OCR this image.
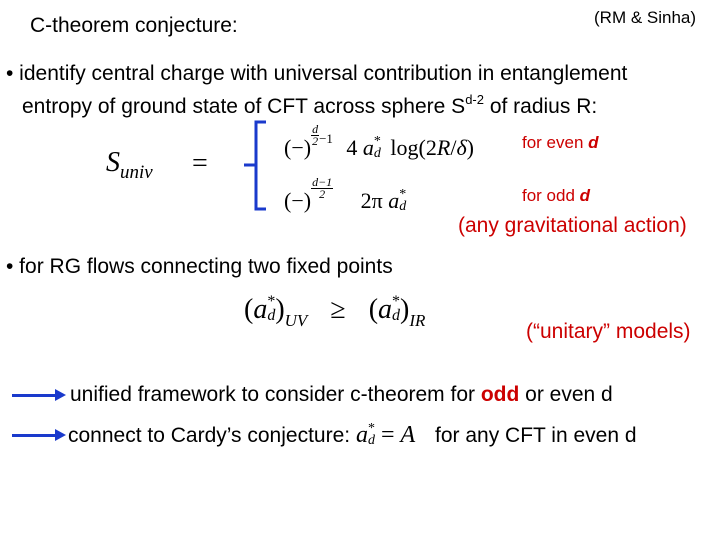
C-theorem conjecture:	(RM & Sinha)
• identify central charge with universal contribution in entanglement
entropy of ground state of CFT across sphere $S^{d-2}$ of radius R:
$S_{univ}$ =
(−) $\frac{d}{2} ^{-1}$ 4 a *
d log(2R/δ)	for even d
(−) $\frac{d-1}{2} 2\pi$ a *
d
for odd d
(any gravitational action)
• for RG flows connecting two fixed points
(a *
d )$_{UV} \ge (a$ *
d )$_{IR}$	(“unitary” models)
unified framework to consider c-theorem for odd or even d
connect to Cardy’s conjecture: a *
d = A for any CFT in even d
